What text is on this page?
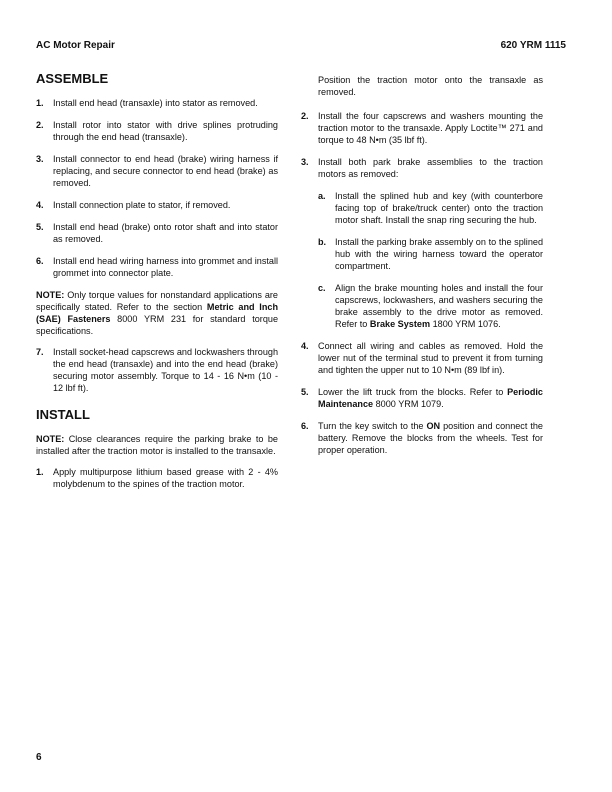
AC Motor Repair	620 YRM 1115
ASSEMBLE
1.	Install end head (transaxle) into stator as removed.
2.	Install rotor into stator with drive splines protruding through the end head (transaxle).
3.	Install connector to end head (brake) wiring harness if replacing, and secure connector to end head (brake) as removed.
4.	Install connection plate to stator, if removed.
5.	Install end head (brake) onto rotor shaft and into stator as removed.
6.	Install end head wiring harness into grommet and install grommet into connector plate.

NOTE: Only torque values for nonstandard applications are specifically stated. Refer to the section Metric and Inch (SAE) Fasteners 8000 YRM 231 for standard torque specifications.

7.	Install socket-head capscrews and lockwashers through the end head (transaxle) and into the end head (brake) securing motor assembly. Torque to 14 - 16 N•m (10 - 12 lbf ft).
INSTALL

NOTE: Close clearances require the parking brake to be installed after the traction motor is installed to the transaxle.

1.	Apply multipurpose lithium based grease with 2 - 4% molybdenum to the spines of the traction motor.
Position the traction motor onto the transaxle as removed.
2.	Install the four capscrews and washers mounting the traction motor to the transaxle. Apply Loctite™ 271 and torque to 48 N•m (35 lbf ft).
3.	Install both park brake assemblies to the traction motors as removed:
a.	Install the splined hub and key (with counterbore facing top of brake/truck center) onto the traction motor shaft. Install the snap ring securing the hub.
b. Install the parking brake assembly on to the splined hub with the wiring harness toward the operator compartment.
c.	Align the brake mounting holes and install the four capscrews, lockwashers, and washers securing the brake assembly to the drive motor as removed. Refer to Brake System 1800 YRM 1076.
4.	Connect all wiring and cables as removed. Hold the lower nut of the terminal stud to prevent it from turning and tighten the upper nut to 10 N•m (89 lbf in).
5.	Lower the lift truck from the blocks. Refer to Periodic Maintenance 8000 YRM 1079.
6.	Turn the key switch to the ON position and connect the battery. Remove the blocks from the wheels. Test for proper operation.
6
